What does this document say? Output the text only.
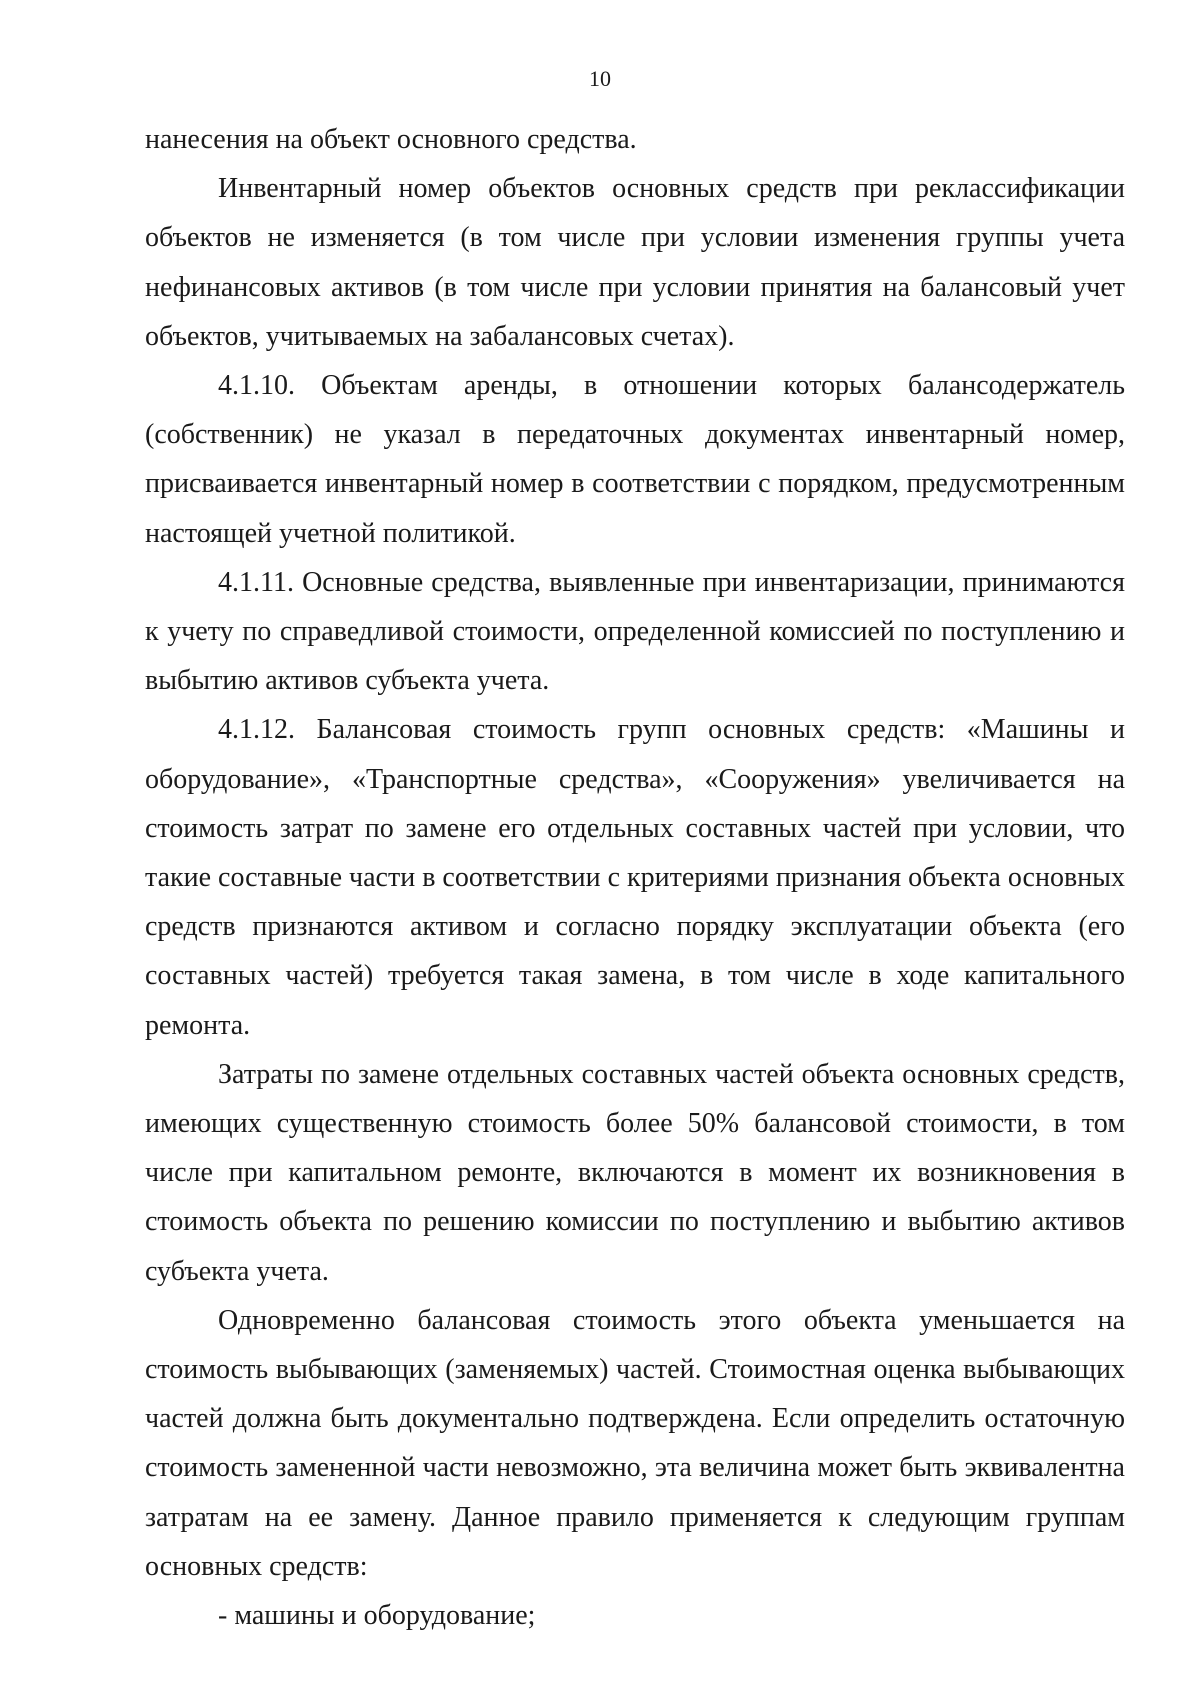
10

нанесения на объект основного средства.

Инвентарный номер объектов основных средств при реклассификации объектов не изменяется (в том числе при условии изменения группы учета нефинансовых активов (в том числе при условии принятия на балансовый учет объектов, учитываемых на забалансовых счетах).

4.1.10. Объектам аренды, в отношении которых балансодержатель (собственник) не указал в передаточных документах инвентарный номер, присваивается инвентарный номер в соответствии с порядком, предусмотренным настоящей учетной политикой.

4.1.11. Основные средства, выявленные при инвентаризации, принимаются к учету по справедливой стоимости, определенной комиссией по поступлению и выбытию активов субъекта учета.

4.1.12. Балансовая стоимость групп основных средств: «Машины и оборудование», «Транспортные средства», «Сооружения» увеличивается на стоимость затрат по замене его отдельных составных частей при условии, что такие составные части в соответствии с критериями признания объекта основных средств признаются активом и согласно порядку эксплуатации объекта (его составных частей) требуется такая замена, в том числе в ходе капитального ремонта.

Затраты по замене отдельных составных частей объекта основных средств, имеющих существенную стоимость более 50% балансовой стоимости, в том числе при капитальном ремонте, включаются в момент их возникновения в стоимость объекта по решению комиссии по поступлению и выбытию активов субъекта учета.

Одновременно балансовая стоимость этого объекта уменьшается на стоимость выбывающих (заменяемых) частей. Стоимостная оценка выбывающих частей должна быть документально подтверждена. Если определить остаточную стоимость замененной части невозможно, эта величина может быть эквивалентна затратам на ее замену. Данное правило применяется к следующим группам основных средств:

- машины и оборудование;
